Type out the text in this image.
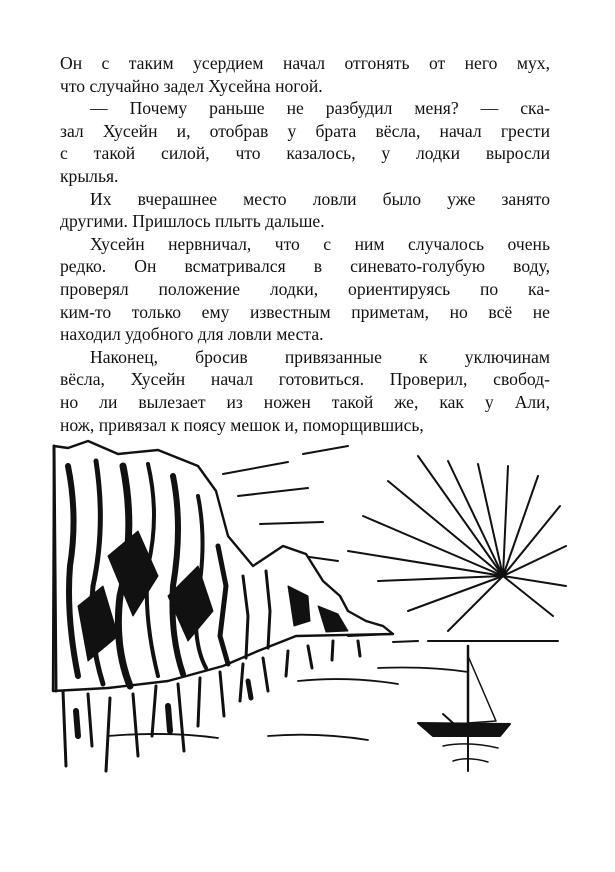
Он с таким усердием начал отгонять от него мух,
что случайно задел Хусейна ногой.
— Почему раньше не разбудил меня? — ска-
зал Хусейн и, отобрав у брата вёсла, начал грести
с такой силой, что казалось, у лодки выросли
крылья.
Их вчерашнее место ловли было уже занято
другими. Пришлось плыть дальше.
Хусейн нервничал, что с ним случалось очень
редко. Он всматривался в синевато-голубую воду,
проверял положение лодки, ориентируясь по ка-
ким-то только ему известным приметам, но всё не
находил удобного для ловли места.
Наконец, бросив привязанные к уключинам
вёсла, Хусейн начал готовиться. Проверил, свобод-
но ли вылезает из ножен такой же, как у Али,
нож, привязал к поясу мешок и, поморщившись,
